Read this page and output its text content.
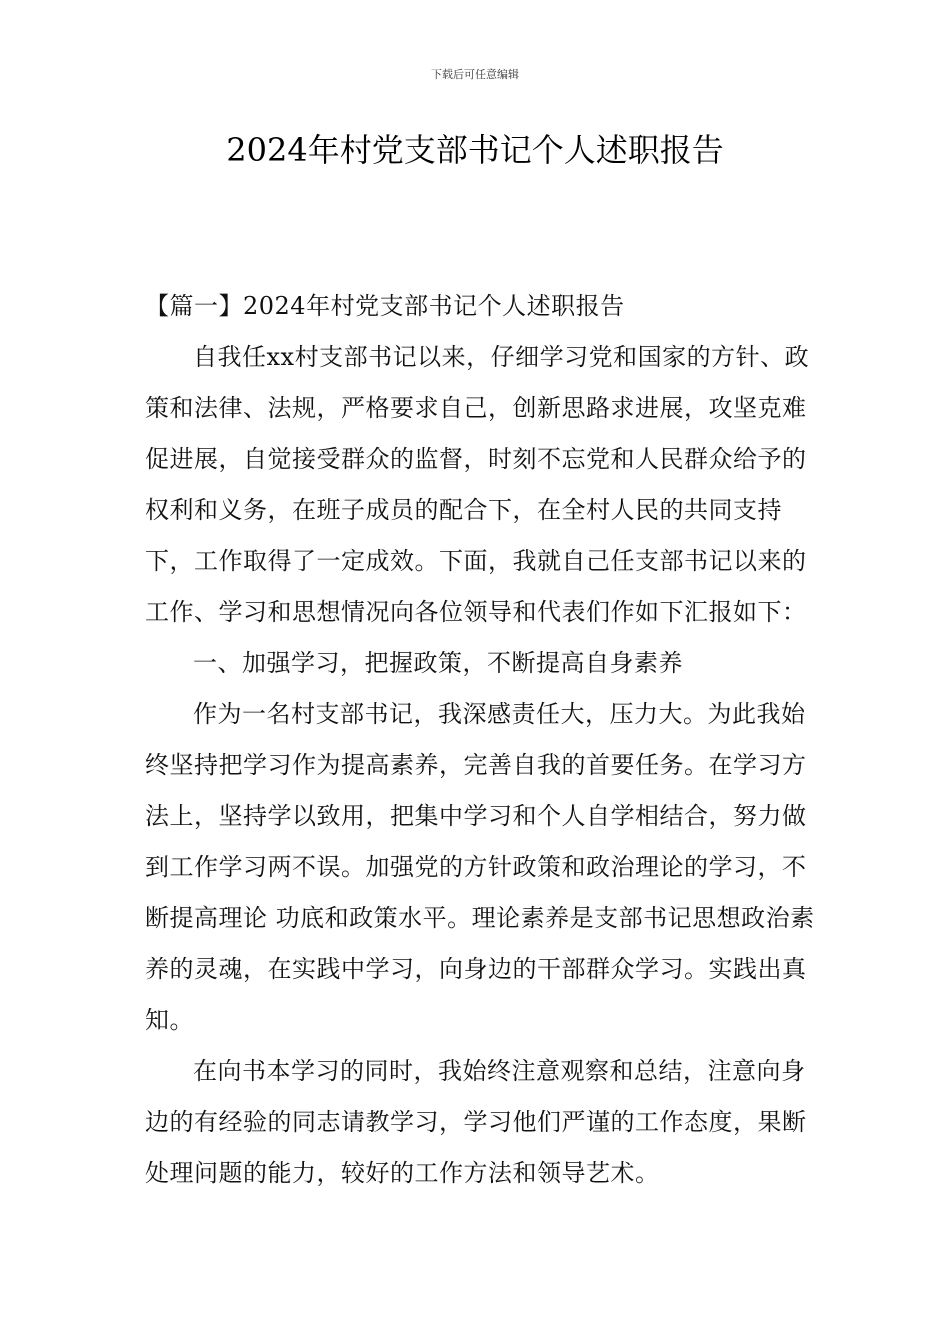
下载后可任意编辑
2024年村党支部书记个人述职报告

【篇一】2024年村党支部书记个人述职报告

自我任xx村支部书记以来，仔细学习党和国家的方针、政策和法律、法规，严格要求自己，创新思路求进展，攻坚克难促进展，自觉接受群众的监督，时刻不忘党和人民群众给予的权利和义务，在班子成员的配合下，在全村人民的共同支持下，工作取得了一定成效。下面，我就自己任支部书记以来的工作、学习和思想情况向各位领导和代表们作如下汇报如下：

一、加强学习，把握政策，不断提高自身素养

作为一名村支部书记，我深感责任大，压力大。为此我始终坚持把学习作为提高素养，完善自我的首要任务。在学习方法上，坚持学以致用，把集中学习和个人自学相结合，努力做到工作学习两不误。加强党的方针政策和政治理论的学习，不断提高理论 功底和政策水平。理论素养是支部书记思想政治素养的灵魂，在实践中学习，向身边的干部群众学习。实践出真知。

在向书本学习的同时，我始终注意观察和总结，注意向身边的有经验的同志请教学习，学习他们严谨的工作态度，果断处理问题的能力，较好的工作方法和领导艺术。
